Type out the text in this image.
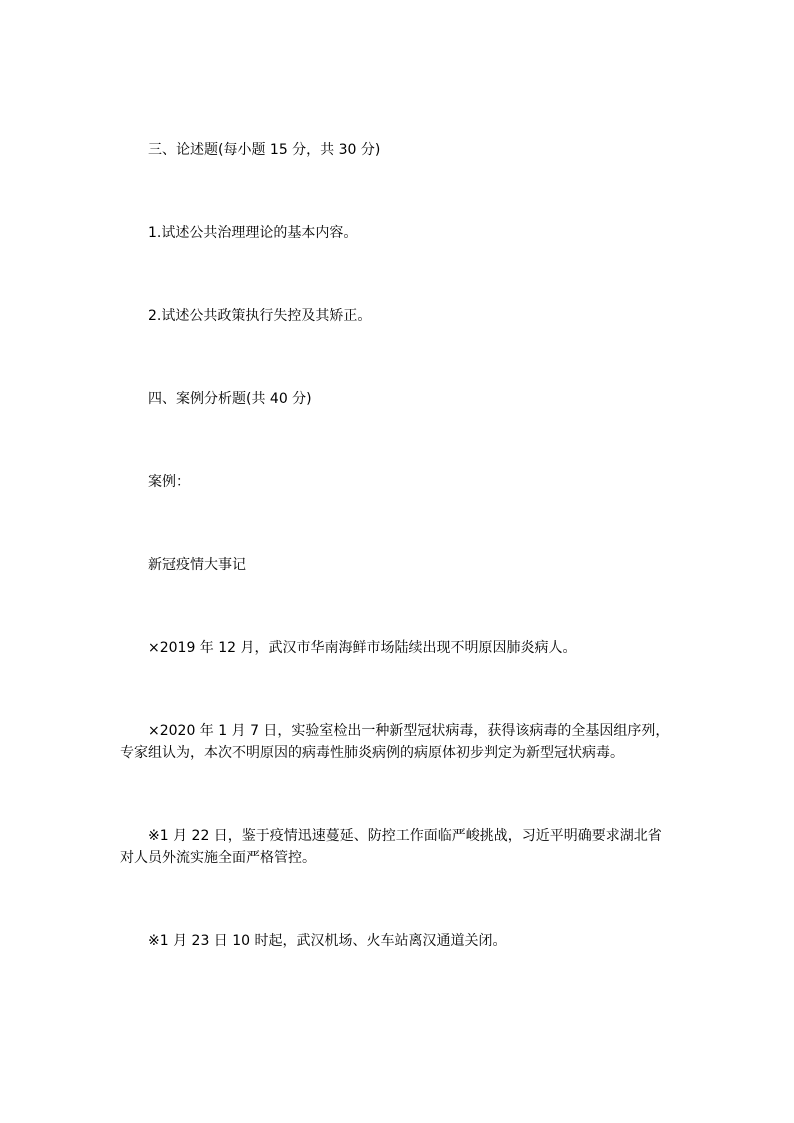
三、论述题(每小题 15 分，共 30 分)

1.试述公共治理理论的基本内容。

2.试述公共政策执行失控及其矫正。

四、案例分析题(共 40 分)

案例：

新冠疫情大事记

×2019 年 12 月，武汉市华南海鲜市场陆续出现不明原因肺炎病人。

×2020 年 1 月 7 日，实验室检出一种新型冠状病毒，获得该病毒的全基因组序列，专家组认为，本次不明原因的病毒性肺炎病例的病原体初步判定为新型冠状病毒。

※1 月 22 日，鉴于疫情迅速蔓延、防控工作面临严峻挑战，习近平明确要求湖北省对人员外流实施全面严格管控。

※1 月 23 日 10 时起，武汉机场、火车站离汉通道关闭。
